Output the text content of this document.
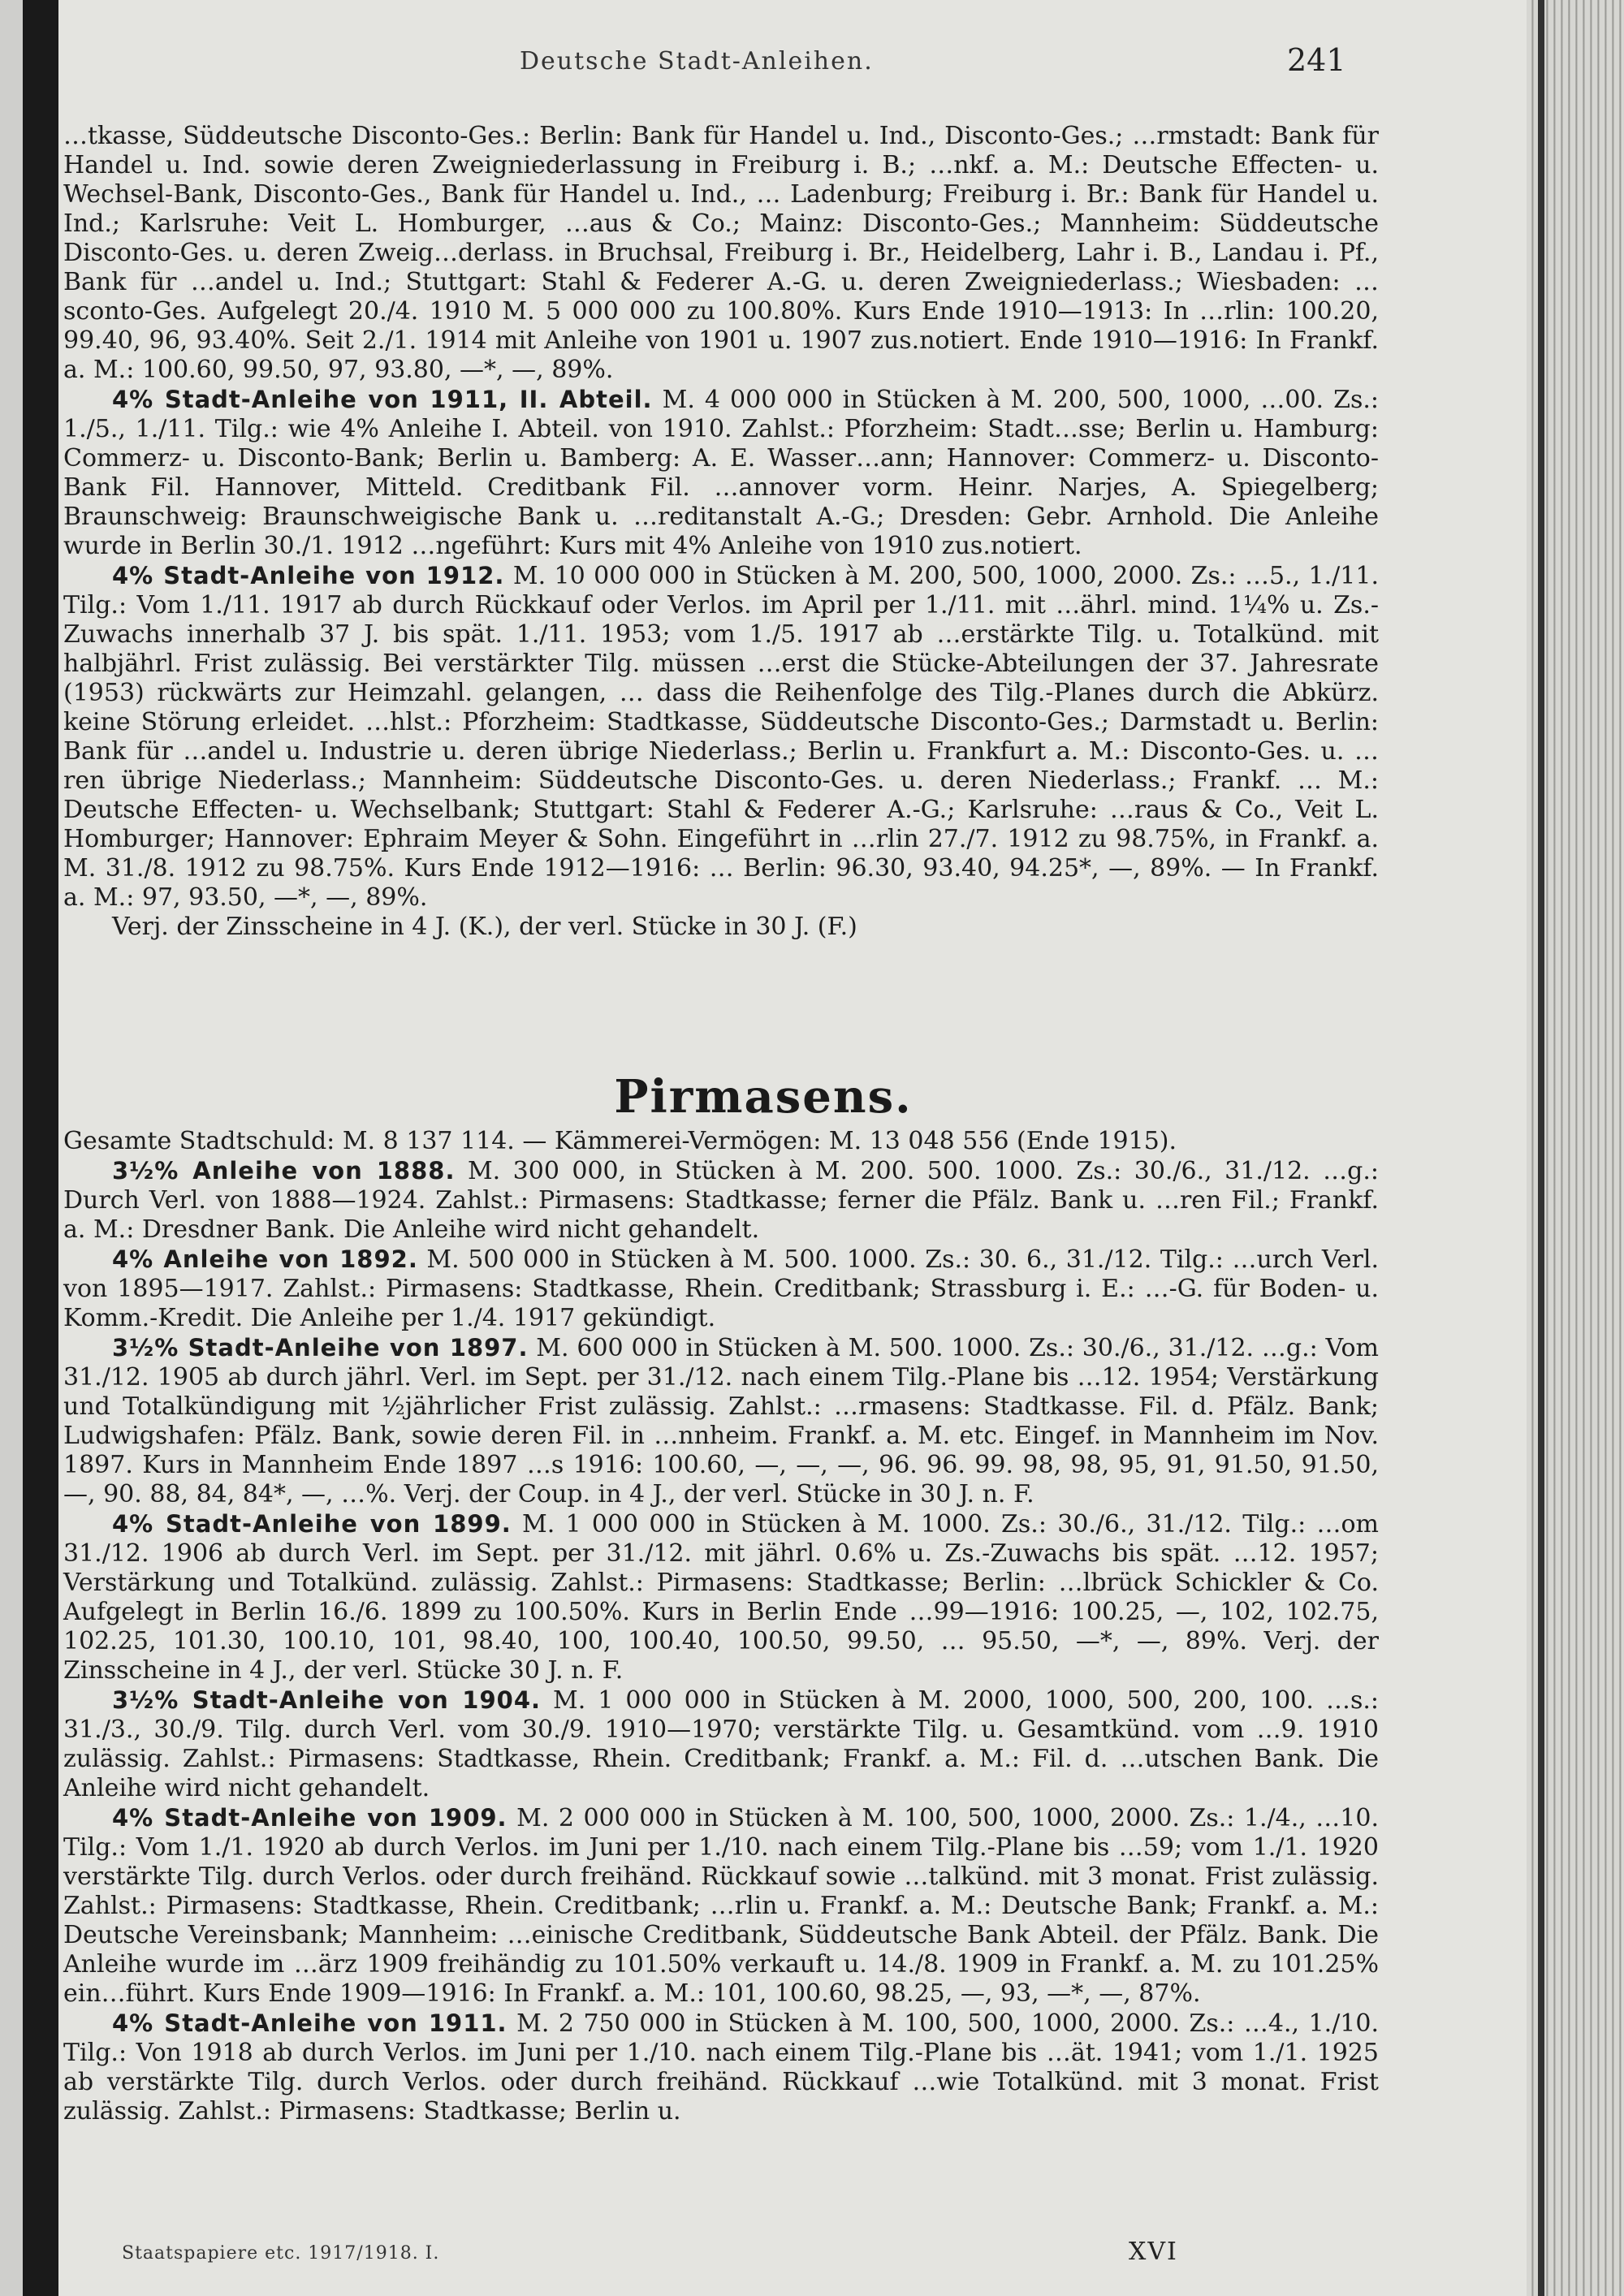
Deutsche Stadt-Anleihen.	241

…tkasse, Süddeutsche Disconto-Ges.: Berlin: Bank für Handel u. Ind., Disconto-Ges.; …rmstadt: Bank für Handel u. Ind. sowie deren Zweigniederlassung in Freiburg i. B.; …nkf. a. M.: Deutsche Effecten- u. Wechsel-Bank, Disconto-Ges., Bank für Handel u. Ind., … Ladenburg; Freiburg i. Br.: Bank für Handel u. Ind.; Karlsruhe: Veit L. Homburger, …aus & Co.; Mainz: Disconto-Ges.; Mannheim: Süddeutsche Disconto-Ges. u. deren Zweig…derlass. in Bruchsal, Freiburg i. Br., Heidelberg, Lahr i. B., Landau i. Pf., Bank für …andel u. Ind.; Stuttgart: Stahl & Federer A.-G. u. deren Zweigniederlass.; Wiesbaden: …sconto-Ges. Aufgelegt 20./4. 1910 M. 5 000 000 zu 100.80%. Kurs Ende 1910—1913: In …rlin: 100.20, 99.40, 96, 93.40%. Seit 2./1. 1914 mit Anleihe von 1901 u. 1907 zus.notiert. Ende 1910—1916: In Frankf. a. M.: 100.60, 99.50, 97, 93.80, —*, —, 89%.

4% Stadt-Anleihe von 1911, II. Abteil. M. 4 000 000 in Stücken à M. 200, 500, 1000, …00. Zs.: 1./5., 1./11. Tilg.: wie 4% Anleihe I. Abteil. von 1910. Zahlst.: Pforzheim: Stadt…sse; Berlin u. Hamburg: Commerz- u. Disconto-Bank; Berlin u. Bamberg: A. E. Wasser…ann; Hannover: Commerz- u. Disconto-Bank Fil. Hannover, Mitteld. Creditbank Fil. …annover vorm. Heinr. Narjes, A. Spiegelberg; Braunschweig: Braunschweigische Bank u. …reditanstalt A.-G.; Dresden: Gebr. Arnhold. Die Anleihe wurde in Berlin 30./1. 1912 …ngeführt: Kurs mit 4% Anleihe von 1910 zus.notiert.

4% Stadt-Anleihe von 1912. M. 10 000 000 in Stücken à M. 200, 500, 1000, 2000. Zs.: …5., 1./11. Tilg.: Vom 1./11. 1917 ab durch Rückkauf oder Verlos. im April per 1./11. mit …ährl. mind. 1¼% u. Zs.-Zuwachs innerhalb 37 J. bis spät. 1./11. 1953; vom 1./5. 1917 ab …erstärkte Tilg. u. Totalkünd. mit halbjährl. Frist zulässig. Bei verstärkter Tilg. müssen …erst die Stücke-Abteilungen der 37. Jahresrate (1953) rückwärts zur Heimzahl. gelangen, … dass die Reihenfolge des Tilg.-Planes durch die Abkürz. keine Störung erleidet. …hlst.: Pforzheim: Stadtkasse, Süddeutsche Disconto-Ges.; Darmstadt u. Berlin: Bank für …andel u. Industrie u. deren übrige Niederlass.; Berlin u. Frankfurt a. M.: Disconto-Ges. u. …ren übrige Niederlass.; Mannheim: Süddeutsche Disconto-Ges. u. deren Niederlass.; Frankf. … M.: Deutsche Effecten- u. Wechselbank; Stuttgart: Stahl & Federer A.-G.; Karlsruhe: …raus & Co., Veit L. Homburger; Hannover: Ephraim Meyer & Sohn. Eingeführt in …rlin 27./7. 1912 zu 98.75%, in Frankf. a. M. 31./8. 1912 zu 98.75%. Kurs Ende 1912—1916: … Berlin: 96.30, 93.40, 94.25*, —, 89%. — In Frankf. a. M.: 97, 93.50, —*, —, 89%.

Verj. der Zinsscheine in 4 J. (K.), der verl. Stücke in 30 J. (F.)

Pirmasens.

Gesamte Stadtschuld: M. 8 137 114. — Kämmerei-Vermögen: M. 13 048 556 (Ende 1915).

3½% Anleihe von 1888. M. 300 000, in Stücken à M. 200. 500. 1000. Zs.: 30./6., 31./12. …g.: Durch Verl. von 1888—1924. Zahlst.: Pirmasens: Stadtkasse; ferner die Pfälz. Bank u. …ren Fil.; Frankf. a. M.: Dresdner Bank. Die Anleihe wird nicht gehandelt.

4% Anleihe von 1892. M. 500 000 in Stücken à M. 500. 1000. Zs.: 30. 6., 31./12. Tilg.: …urch Verl. von 1895—1917. Zahlst.: Pirmasens: Stadtkasse, Rhein. Creditbank; Strassburg i. E.: …-G. für Boden- u. Komm.-Kredit. Die Anleihe per 1./4. 1917 gekündigt.

3½% Stadt-Anleihe von 1897. M. 600 000 in Stücken à M. 500. 1000. Zs.: 30./6., 31./12. …g.: Vom 31./12. 1905 ab durch jährl. Verl. im Sept. per 31./12. nach einem Tilg.-Plane bis …12. 1954; Verstärkung und Totalkündigung mit ½jährlicher Frist zulässig. Zahlst.: …rmasens: Stadtkasse. Fil. d. Pfälz. Bank; Ludwigshafen: Pfälz. Bank, sowie deren Fil. in …nnheim. Frankf. a. M. etc. Eingef. in Mannheim im Nov. 1897. Kurs in Mannheim Ende 1897 …s 1916: 100.60, —, —, —, 96. 96. 99. 98, 98, 95, 91, 91.50, 91.50, —, 90. 88, 84, 84*, —, …%. Verj. der Coup. in 4 J., der verl. Stücke in 30 J. n. F.

4% Stadt-Anleihe von 1899. M. 1 000 000 in Stücken à M. 1000. Zs.: 30./6., 31./12. Tilg.: …om 31./12. 1906 ab durch Verl. im Sept. per 31./12. mit jährl. 0.6% u. Zs.-Zuwachs bis spät. …12. 1957; Verstärkung und Totalkünd. zulässig. Zahlst.: Pirmasens: Stadtkasse; Berlin: …lbrück Schickler & Co. Aufgelegt in Berlin 16./6. 1899 zu 100.50%. Kurs in Berlin Ende …99—1916: 100.25, —, 102, 102.75, 102.25, 101.30, 100.10, 101, 98.40, 100, 100.40, 100.50, 99.50, … 95.50, —*, —, 89%. Verj. der Zinsscheine in 4 J., der verl. Stücke 30 J. n. F.

3½% Stadt-Anleihe von 1904. M. 1 000 000 in Stücken à M. 2000, 1000, 500, 200, 100. …s.: 31./3., 30./9. Tilg. durch Verl. vom 30./9. 1910—1970; verstärkte Tilg. u. Gesamtkünd. vom …9. 1910 zulässig. Zahlst.: Pirmasens: Stadtkasse, Rhein. Creditbank; Frankf. a. M.: Fil. d. …utschen Bank. Die Anleihe wird nicht gehandelt.

4% Stadt-Anleihe von 1909. M. 2 000 000 in Stücken à M. 100, 500, 1000, 2000. Zs.: 1./4., …10. Tilg.: Vom 1./1. 1920 ab durch Verlos. im Juni per 1./10. nach einem Tilg.-Plane bis …59; vom 1./1. 1920 verstärkte Tilg. durch Verlos. oder durch freihänd. Rückkauf sowie …talkünd. mit 3 monat. Frist zulässig. Zahlst.: Pirmasens: Stadtkasse, Rhein. Creditbank; …rlin u. Frankf. a. M.: Deutsche Bank; Frankf. a. M.: Deutsche Vereinsbank; Mannheim: …einische Creditbank, Süddeutsche Bank Abteil. der Pfälz. Bank. Die Anleihe wurde im …ärz 1909 freihändig zu 101.50% verkauft u. 14./8. 1909 in Frankf. a. M. zu 101.25% ein…führt. Kurs Ende 1909—1916: In Frankf. a. M.: 101, 100.60, 98.25, —, 93, —*, —, 87%.

4% Stadt-Anleihe von 1911. M. 2 750 000 in Stücken à M. 100, 500, 1000, 2000. Zs.: …4., 1./10. Tilg.: Von 1918 ab durch Verlos. im Juni per 1./10. nach einem Tilg.-Plane bis …ät. 1941; vom 1./1. 1925 ab verstärkte Tilg. durch Verlos. oder durch freihänd. Rückkauf …wie Totalkünd. mit 3 monat. Frist zulässig. Zahlst.: Pirmasens: Stadtkasse; Berlin u.

Staatspapiere etc. 1917/1918. I.	XVI
